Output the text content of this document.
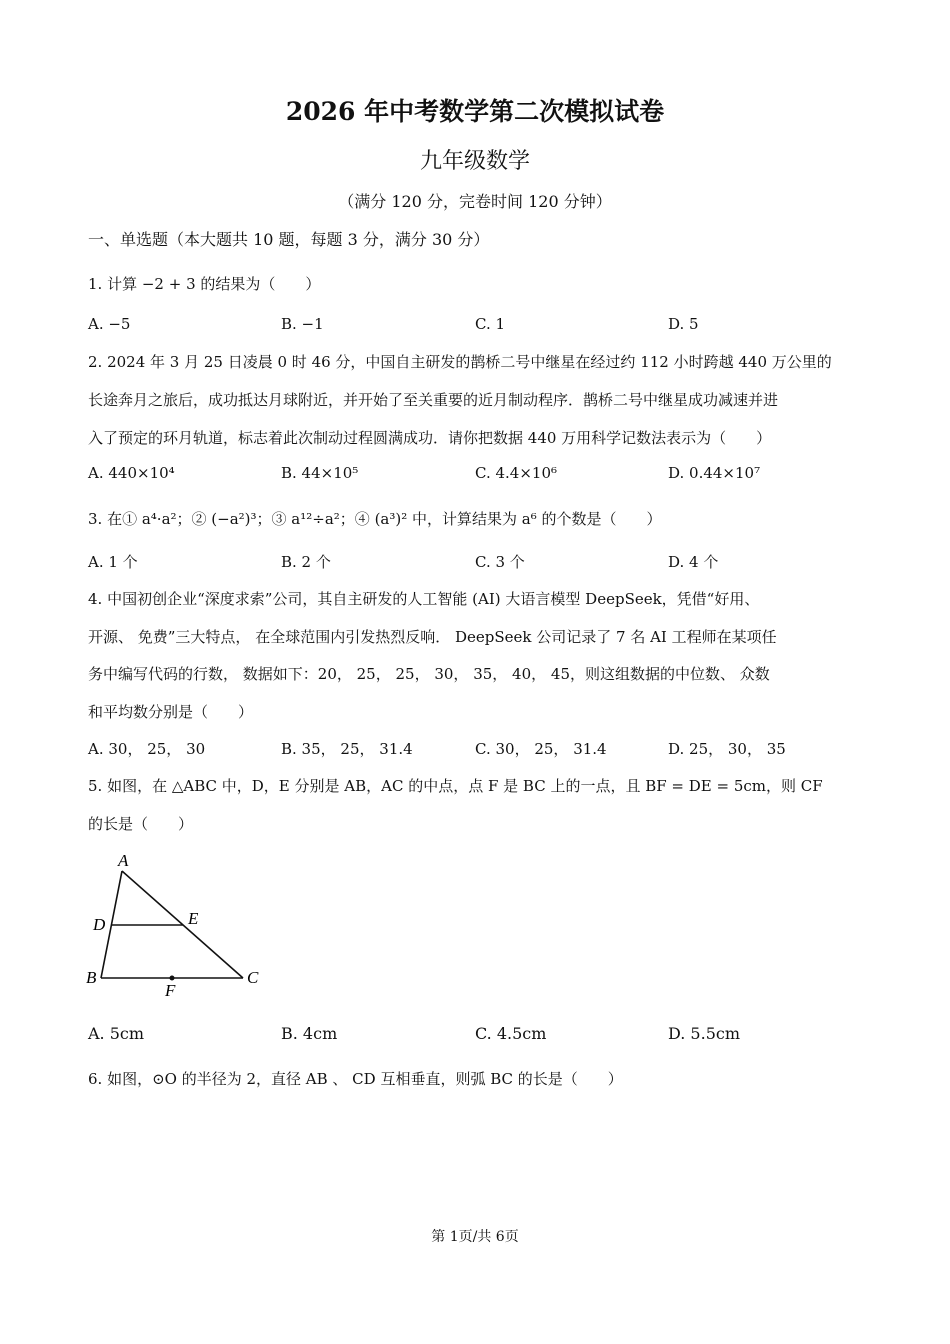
2026 年中考数学第二次模拟试卷
九年级数学
（满分 120 分，完卷时间 120 分钟）
一、单选题（本大题共 10 题，每题 3 分，满分 30 分）
1. 计算 −2 + 3 的结果为（　　）
A. −5	B. −1	C. 1	D. 5
2. 2024 年 3 月 25 日凌晨 0 时 46 分，中国自主研发的鹊桥二号中继星在经过约 112 小时跨越 440 万公里的
长途奔月之旅后，成功抵达月球附近，并开始了至关重要的近月制动程序．鹊桥二号中继星成功减速并进
入了预定的环月轨道，标志着此次制动过程圆满成功．请你把数据 440 万用科学记数法表示为（　　）
A. 440×10⁴	B. 44×10⁵	C. 4.4×10⁶	D. 0.44×10⁷
3. 在① a⁴·a²；② (−a²)³；③ a¹²÷a²；④ (a³)² 中，计算结果为 a⁶ 的个数是（　　）
A. 1 个	B. 2 个	C. 3 个	D. 4 个
4. 中国初创企业“深度求索”公司，其自主研发的人工智能 (AI) 大语言模型 DeepSeek，凭借“好用、
开源、 免费”三大特点， 在全球范围内引发热烈反响． DeepSeek 公司记录了 7 名 AI 工程师在某项任
务中编写代码的行数， 数据如下：20， 25， 25， 30， 35， 40， 45，则这组数据的中位数、 众数
和平均数分别是（　　）
A. 30， 25， 30	B. 35， 25， 31.4	C. 30， 25， 31.4	D. 25， 30， 35
5. 如图，在 △ABC 中，D，E 分别是 AB，AC 的中点，点 F 是 BC 上的一点，且 BF = DE = 5cm，则 CF
的长是（　　）
A
D	E
B
F
C
A. 5cm	B. 4cm	C. 4.5cm	D. 5.5cm
6. 如图，⊙O 的半径为 2，直径 AB 、 CD 互相垂直，则弧 BC 的长是（　　）
第 1页/共 6页
